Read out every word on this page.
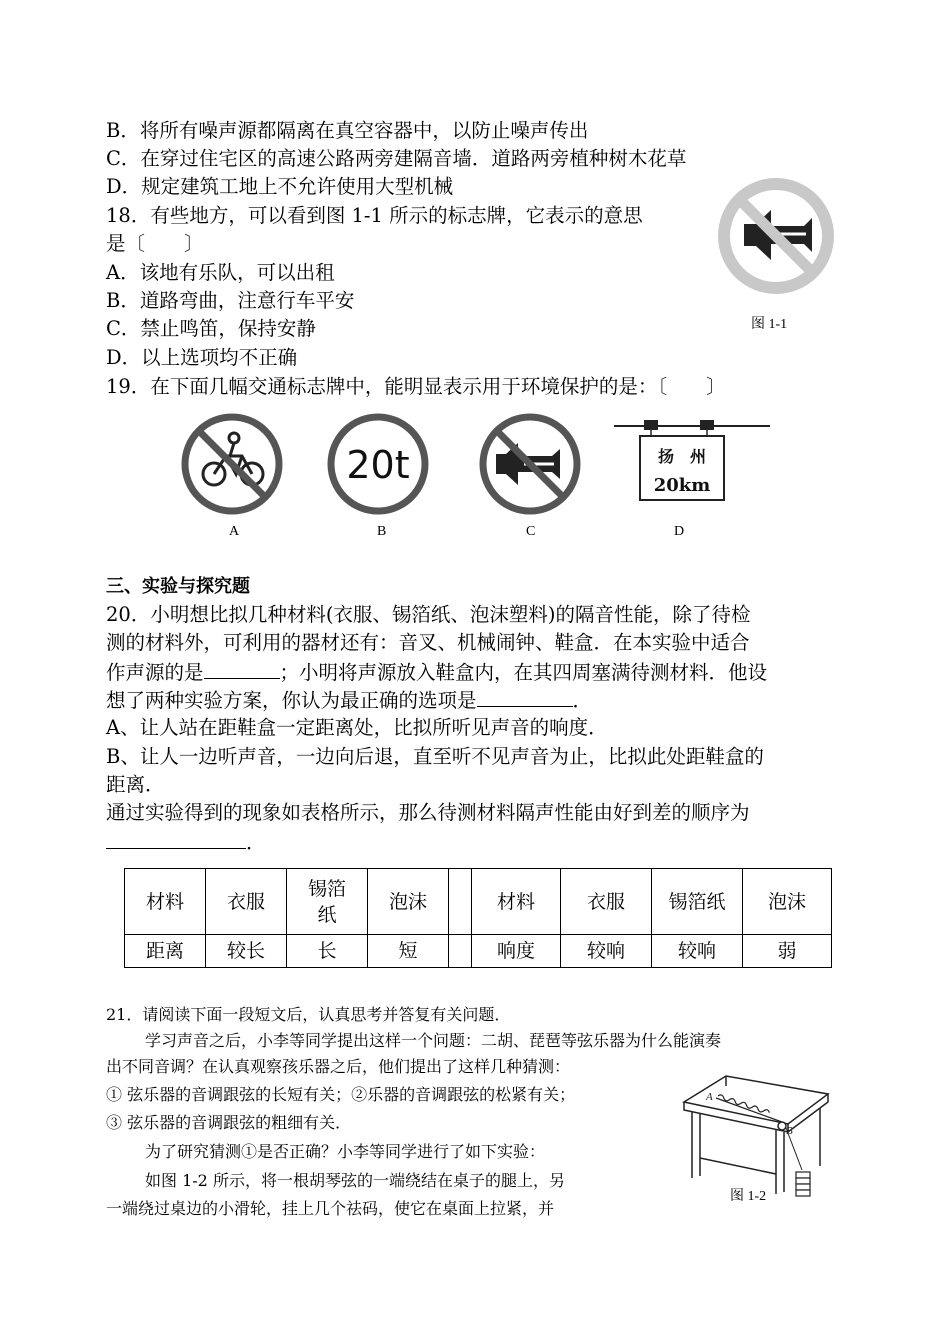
B．将所有噪声源都隔离在真空容器中，以防止噪声传出
C．在穿过住宅区的高速公路两旁建隔音墙．道路两旁植种树木花草
D．规定建筑工地上不允许使用大型机械
18．有些地方，可以看到图 1-1 所示的标志牌，它表示的意思
是〔　　〕
A．该地有乐队，可以出租
B．道路弯曲，注意行车平安
C．禁止鸣笛，保持安静
D．以上选项均不正确
图 1-1
19．在下面几幅交通标志牌中，能明显表示用于环境保护的是：〔　　〕
20t	扬　州
20km
A	B	C	D
三、实验与探究题
20．小明想比拟几种材料(衣服、锡箔纸、泡沫塑料)的隔音性能，除了待检
测的材料外，可利用的器材还有：音叉、机械闹钟、鞋盒．在本实验中适合
作声源的是	；小明将声源放入鞋盒内，在其四周塞满待测材料．他设
想了两种实验方案，你认为最正确的选项是	．
A、让人站在距鞋盒一定距离处，比拟所听见声音的响度．
B、让人一边听声音，一边向后退，直至听不见声音为止，比拟此处距鞋盒的
距离．
通过实验得到的现象如表格所示，那么待测材料隔声性能由好到差的顺序为
．
材料	衣服	锡箔纸	泡沫		材料	衣服	锡箔纸	泡沫
距离	较长	长	短		响度	较响	较响	弱
21．请阅读下面一段短文后，认真思考并答复有关问题．
学习声音之后，小李等同学提出这样一个问题：二胡、琵琶等弦乐器为什么能演奏
出不同音调？在认真观察孩乐器之后，他们提出了这样几种猜测：
① 弦乐器的音调跟弦的长短有关；②乐器的音调跟弦的松紧有关；
③ 弦乐器的音调跟弦的粗细有关．
为了研究猜测①是否正确？小李等同学进行了如下实验：
如图 1-2 所示，将一根胡琴弦的一端绕结在桌子的腿上，另
一端绕过桌边的小滑轮，挂上几个祛码，使它在桌面上拉紧，并
A
B
图 1-2
